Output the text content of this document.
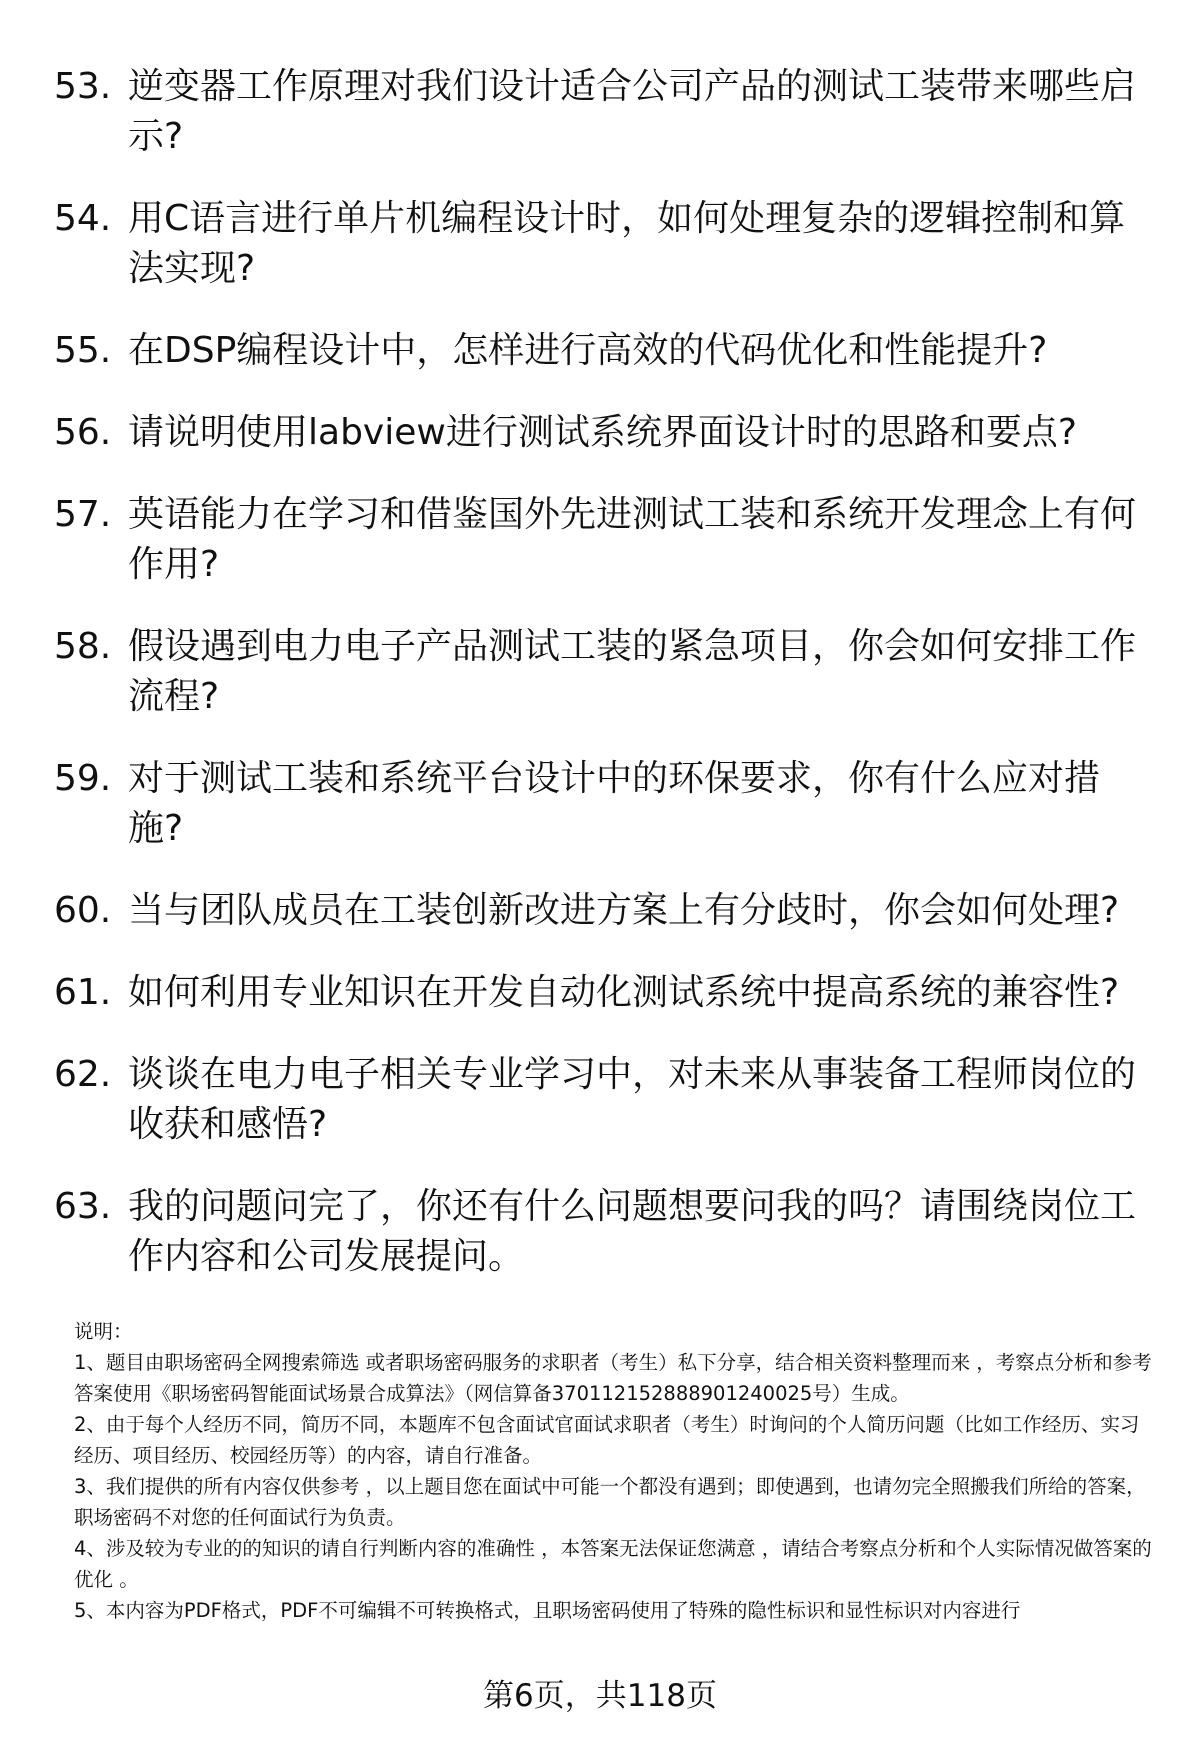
53. 逆变器工作原理对我们设计适合公司产品的测试工装带来哪些启示?
54. 用C语言进行单片机编程设计时，如何处理复杂的逻辑控制和算法实现?
55. 在DSP编程设计中，怎样进行高效的代码优化和性能提升?
56. 请说明使用labview进行测试系统界面设计时的思路和要点?
57. 英语能力在学习和借鉴国外先进测试工装和系统开发理念上有何作用?
58. 假设遇到电力电子产品测试工装的紧急项目，你会如何安排工作流程?
59. 对于测试工装和系统平台设计中的环保要求，你有什么应对措施?
60. 当与团队成员在工装创新改进方案上有分歧时，你会如何处理?
61. 如何利用专业知识在开发自动化测试系统中提高系统的兼容性?
62. 谈谈在电力电子相关专业学习中，对未来从事装备工程师岗位的收获和感悟?
63. 我的问题问完了，你还有什么问题想要问我的吗？请围绕岗位工作内容和公司发展提问。

说明：

1、题目由职场密码全网搜索筛选 或者职场密码服务的求职者（考生）私下分享，结合相关资料整理而来 ，考察点分析和参考答案使用《职场密码智能面试场景合成算法》（网信算备370112152888901240025号）生成。

2、由于每个人经历不同，简历不同，本题库不包含面试官面试求职者（考生）时询问的个人简历问题（比如工作经历、实习经历、项目经历、校园经历等）的内容，请自行准备。

3、我们提供的所有内容仅供参考 ，以上题目您在面试中可能一个都没有遇到；即使遇到，也请勿完全照搬我们所给的答案，职场密码不对您的任何面试行为负责。

4、涉及较为专业的的知识的请自行判断内容的准确性 ，本答案无法保证您满意 ，请结合考察点分析和个人实际情况做答案的优化 。

5、本内容为PDF格式，PDF不可编辑不可转换格式，且职场密码使用了特殊的隐性标识和显性标识对内容进行

第6页，共118页
